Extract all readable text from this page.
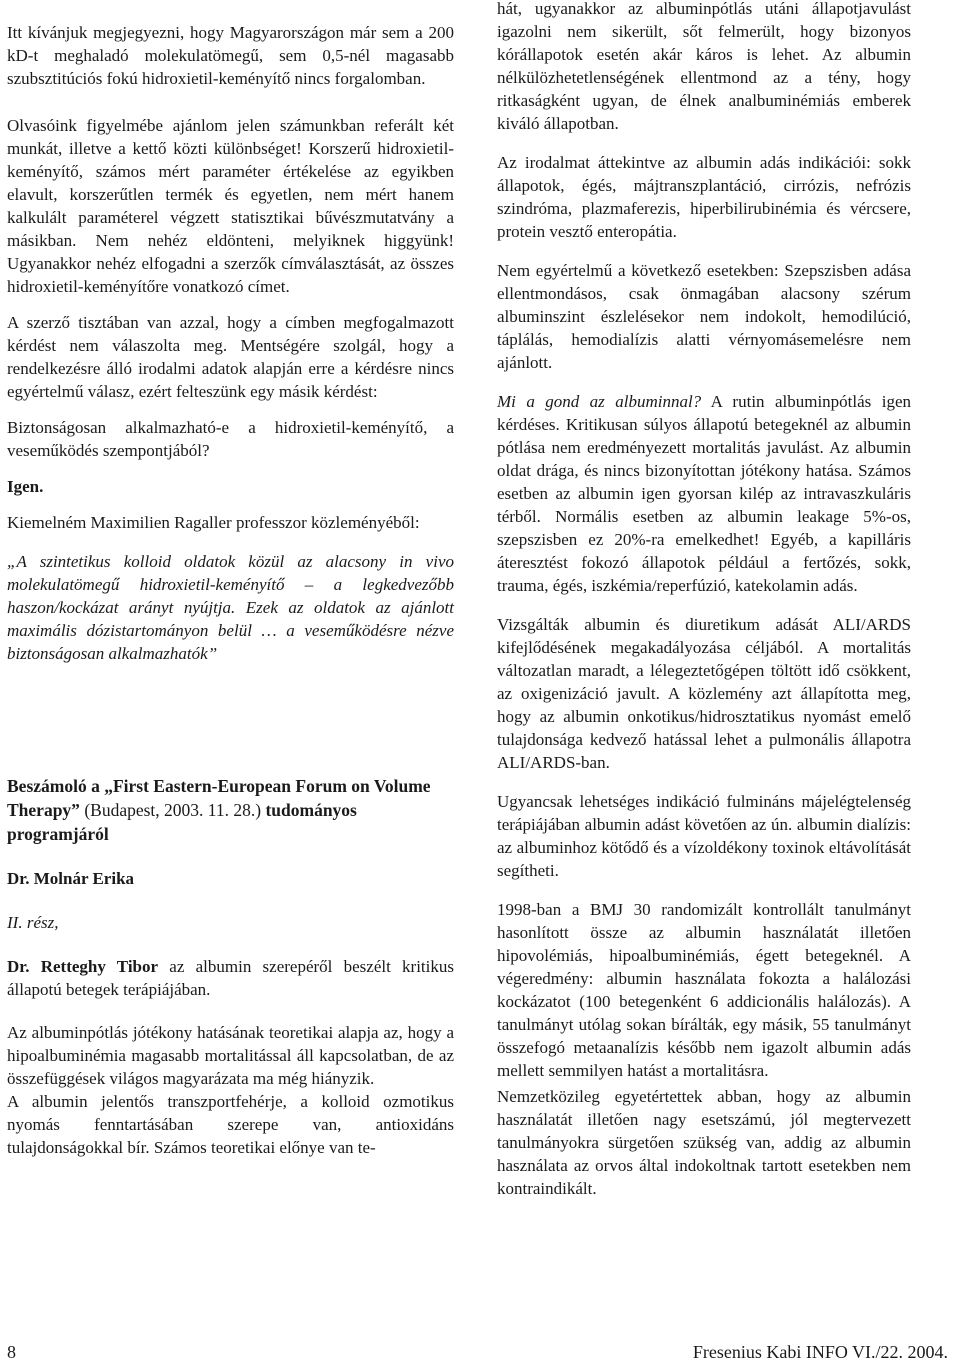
Itt kívánjuk megjegyezni, hogy Magyarországon már sem a 200 kD-t meghaladó molekulatömegű, sem 0,5-nél magasabb szubsztitúciós fokú hidroxietil-keményítő nincs forgalomban.

Olvasóink figyelmébe ajánlom jelen számunkban referált két munkát, illetve a kettő közti különbséget! Korszerű hidroxietil-keményítő, számos mért paraméter értékelése az egyikben elavult, korszerűtlen termék és egyetlen, nem mért hanem kalkulált paraméterel végzett statisztikai bűvészmutatvány a másikban. Nem nehéz eldönteni, melyiknek higgyünk! Ugyanakkor nehéz elfogadni a szerzők címválasztását, az összes hidroxietil-keményítőre vonatkozó címet.

A szerző tisztában van azzal, hogy a címben megfogalmazott kérdést nem válaszolta meg. Mentségére szolgál, hogy a rendelkezésre álló irodalmi adatok alapján erre a kérdésre nincs egyértelmű válasz, ezért felteszünk egy másik kérdést:

Biztonságosan alkalmazható-e a hidroxietil-keményítő, a veseműködés szempontjából?

Igen.

Kiemelném Maximilien Ragaller professzor közleményéből:

„A szintetikus kolloid oldatok közül az alacsony in vivo molekulatömegű hidroxietil-keményítő – a legkedvezőbb haszon/kockázat arányt nyújtja. Ezek az oldatok az ajánlott maximális dózistartományon belül … a veseműködésre nézve biztonságosan alkalmazhatók”

Beszámoló a „First Eastern-European Forum on Volume Therapy” (Budapest, 2003. 11. 28.) tudományos programjáról

Dr. Molnár Erika

II. rész,

Dr. Retteghy Tibor az albumin szerepéről beszélt kritikus állapotú betegek terápiájában.

Az albuminpótlás jótékony hatásának teoretikai alapja az, hogy a hipoalbuminémia magasabb mortalitással áll kapcsolatban, de az összefüggések világos magyarázata ma még hiányzik.

A albumin jelentős transzportfehérje, a kolloid ozmotikus nyomás fenntartásában szerepe van, antioxidáns tulajdonságokkal bír. Számos teoretikai előnye van te-

hát, ugyanakkor az albuminpótlás utáni állapotjavulást igazolni nem sikerült, sőt felmerült, hogy bizonyos kórállapotok esetén akár káros is lehet. Az albumin nélkülözhetetlenségének ellentmond az a tény, hogy ritkaságként ugyan, de élnek analbuminémiás emberek kiváló állapotban.

Az irodalmat áttekintve az albumin adás indikációi: sokk állapotok, égés, májtranszplantáció, cirrózis, nefrózis szindróma, plazmaferezis, hiperbilirubinémia és vércsere, protein vesztő enteropátia.

Nem egyértelmű a következő esetekben: Szepszisben adása ellentmondásos, csak önmagában alacsony szérum albuminszint észlelésekor nem indokolt, hemodilúció, táplálás, hemodialízis alatti vérnyomásemelésre nem ajánlott.

Mi a gond az albuminnal? A rutin albuminpótlás igen kérdéses. Kritikusan súlyos állapotú betegeknél az albumin pótlása nem eredményezett mortalitás javulást. Az albumin oldat drága, és nincs bizonyítottan jótékony hatása. Számos esetben az albumin igen gyorsan kilép az intravaszkuláris térből. Normális esetben az albumin leakage 5%-os, szepszisben ez 20%-ra emelkedhet! Egyéb, a kapilláris áteresztést fokozó állapotok például a fertőzés, sokk, trauma, égés, iszkémia/reperfúzió, katekolamin adás.

Vizsgálták albumin és diuretikum adását ALI/ARDS kifejlődésének megakadályozása céljából. A mortalitás változatlan maradt, a lélegeztetőgépen töltött idő csökkent, az oxigenizáció javult. A közlemény azt állapította meg, hogy az albumin onkotikus/hidrosztatikus nyomást emelő tulajdonsága kedvező hatással lehet a pulmonális állapotra ALI/ARDS-ban.

Ugyancsak lehetséges indikáció fulmináns májelégtelenség terápiájában albumin adást követően az ún. albumin dialízis: az albuminhoz kötődő és a vízoldékony toxinok eltávolítását segítheti.

1998-ban a BMJ 30 randomizált kontrollált tanulmányt hasonlított össze az albumin használatát illetően hipovolémiás, hipoalbuminémiás, égett betegeknél. A végeredmény: albumin használata fokozta a halálozási kockázatot (100 betegenként 6 addicionális halálozás). A tanulmányt utólag sokan bírálták, egy másik, 55 tanulmányt összefogó metaanalízis később nem igazolt albumin adás mellett semmilyen hatást a mortalitásra.

Nemzetközileg egyetértettek abban, hogy az albumin használatát illetően nagy esetszámú, jól megtervezett tanulmányokra sürgetően szükség van, addig az albumin használata az orvos által indokoltnak tartott esetekben nem kontraindikált.

8	Fresenius Kabi INFO VI./22. 2004.
